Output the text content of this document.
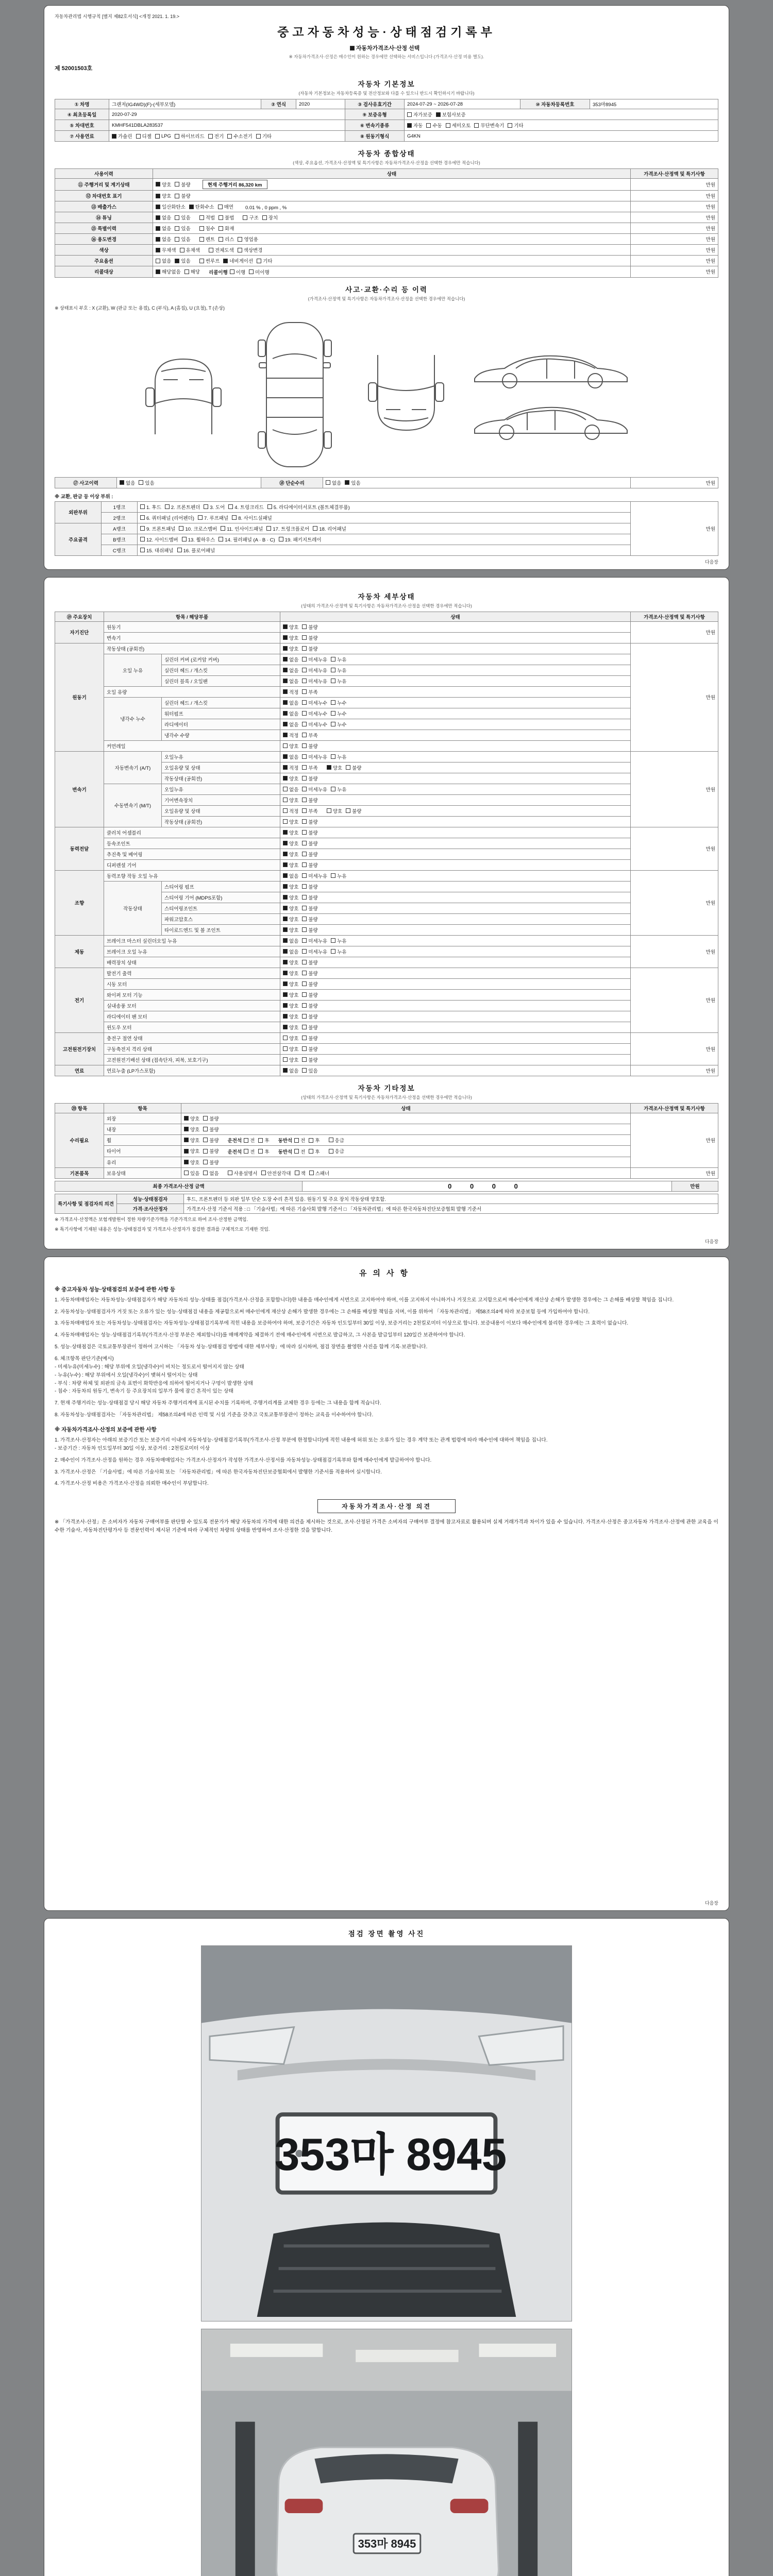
자동차관리법 시행규칙 [별지 제82호서식] <개정 2021. 1. 19.>
중고자동차성능·상태점검기록부
자동차가격조사·산정 선택
※ 자동차가격조사·산정은 매수인이 원하는 경우에만 선택하는 서비스입니다 (가격조사·산정 비용 별도).
제 52001503호
자동차 기본정보
(자동차 기본정보는 자동차등록증 및 전산정보와 다를 수 있으니 반드시 확인하시기 바랍니다)
① 차명	그랜저(IG4WD)(F)-(세부모델)	② 연식	2020	③ 검사유효기간	2024-07-29 ~ 2026-07-28	⑩ 자동차등록번호	353마8945
④ 최초등록일	2020-07-29			⑨ 보증유형	자가보증 보험사보증		

⑤ 차대번호	KMHF541DBLA283537			⑥ 변속기종류	자동 수동 세미오토 무단변속기 기타		

⑦ 사용연료	가솔린 디젤 LPG 하이브리드 전기 수소전기 기타	⑧ 원동기형식	G4KN
자동차 종합상태
(색상, 주요옵션, 가격조사·산정액 및 특기사항은 자동차가격조사·산정을 선택한 경우에만 적습니다)
사용이력	상태	가격조사·산정액 및 특기사항
⑪ 주행거리 및 계기상태	양호 불량 현재 주행거리 86,320 km	만원
⑫ 차대번호 표기	양호 불량	만원
⑬ 배출가스	일산화탄소 탄화수소 매연 0.01 % , 0 ppm , %	만원
⑭ 튜닝	없음 있음	적법 불법	구조 장치	만원
⑮ 특별이력	없음 있음 침수 화재	만원
⑯ 용도변경	없음 있음 렌트 리스 영업용	만원
색상	무채색 유채색 전체도색 색상변경	만원
주요옵션	없음 있음 썬루프 네비게이션 기타	만원
리콜대상	해당없음 해당 리콜이행 이행 미이행	만원
사고·교환·수리 등 이력
(가격조사·산정액 및 특기사항은 자동차가격조사·산정을 선택한 경우에만 적습니다)
※ 상태표시 부호 : X (교환), W (판금 또는 용접), C (부식), A (흠집), U (요철), T (손상)
⑰ 사고이력	없음 있음	⑱ 단순수리	없음 있음	만원
※ 교환, 판금 등 이상 부위 :
외판부위	1랭크	1. 후드 2. 프론트펜더 3. 도어 4. 트렁크리드 5. 라디에이터서포트 (볼트체결부품)	만원
	2랭크	6. 쿼터패널 (리어펜더) 7. 루프패널 8. 사이드실패널	

주요골격	A랭크	9. 프론트패널 10. 크로스멤버 11. 인사이드패널 17. 트렁크플로어 18. 리어패널	

	B랭크	12. 사이드멤버 13. 휠하우스 14. 필러패널 (A · B · C) 19. 패키지트레이	

	C랭크	15. 대쉬패널 16. 플로어패널	
다음장
자동차 세부상태
(상태의 가격조사·산정액 및 특기사항은 자동차가격조사·산정을 선택한 경우에만 적습니다)
⑲ 주요장치	항목 / 해당부품		상태	가격조사·산정액 및 특기사항
자기진단	원동기		양호 불량	만원
	변속기		양호 불량	

원동기	작동상태 (공회전)		양호 불량	만원
	오일 누유	실린더 커버 (로커암 커버)	없음 미세누유 누유	

		실린더 헤드 / 개스킷	없음 미세누유 누유	

		실린더 블록 / 오일팬	없음 미세누유 누유	

	오일 유량		적정 부족	

	냉각수 누수	실린더 헤드 / 개스킷	없음 미세누수 누수	

		워터펌프	없음 미세누수 누수	

		라디에이터	없음 미세누수 누수	

		냉각수 수량	적정 부족	

	커먼레일		양호 불량	

변속기	자동변속기 (A/T)	오일누유	없음 미세누유 누유	만원
		오일유량 및 상태	적정 부족 양호 불량	

		작동상태 (공회전)	양호 불량	

	수동변속기 (M/T)	오일누유	없음 미세누유 누유	

		기어변속장치	양호 불량	

		오일유량 및 상태	적정 부족 양호 불량	

		작동상태 (공회전)	양호 불량	

동력전달	클러치 어셈블리		양호 불량	만원
	등속조인트		양호 불량	

	추진축 및 베어링		양호 불량	

	디퍼렌셜 기어		양호 불량	

조향	동력조향 작동 오일 누유		없음 미세누유 누유	만원
	작동상태	스티어링 펌프	양호 불량	

		스티어링 기어 (MDPS포함)	양호 불량	

		스티어링조인트	양호 불량	

		파워고압호스	양호 불량	

		타이로드엔드 및 볼 조인트	양호 불량	

제동	브레이크 마스터 실린더오일 누유		없음 미세누유 누유	만원
	브레이크 오일 누유		없음 미세누유 누유	

	배력장치 상태		양호 불량	

전기	발전기 출력		양호 불량	만원
	시동 모터		양호 불량	

	와이퍼 모터 기능		양호 불량	

	실내송풍 모터		양호 불량	

	라디에이터 팬 모터		양호 불량	

	윈도우 모터		양호 불량	

고전원전기장치	충전구 절연 상태		양호 불량	만원
	구동축전지 격리 상태		양호 불량	

	고전원전기배선 상태 (접속단자, 피복, 보호기구)		양호 불량	

연료	연료누출 (LP가스포함)		없음 있음	만원
자동차 기타정보
(상태의 가격조사·산정액 및 특기사항은 자동차가격조사·산정을 선택한 경우에만 적습니다)
⑳ 항목	항목	상태	가격조사·산정액 및 특기사항
수리필요	외장	양호 불량	만원
	내장	양호 불량	

휠	양호 불량 운전석 전 후 동반석 전 후	응급

타이어	양호 불량 운전석 전 후 동반석 전 후	응급

	유리	양호 불량	

기본품목	보유상태	있음 없음	사용설명서 안전삼각대 잭 스패너	만원
최종 가격조사·산정 금액	0 0 0 0	만원
특기사항 및 점검자의 의견	성능·상태점검자	후드, 프론트펜더 등 외판 일부 단순 도장 수리 흔적 있음. 원동기 및 주요 장치 작동상태 양호함.
	가격·조사산정자	가격조사·산정 기준서 적용 : □ 「기술사법」에 따른 기술사회 발행 기준서 □ 「자동차관리법」에 따른 한국자동차진단보증협회 발행 기준서

※ 가격조사·산정액은 보험개발원이 정한 차량기준가액을 기준가격으로 하여 조사·산정한 금액임.

※ 특기사항에 기재된 내용은 성능·상태점검자 및 가격조사·산정자가 점검한 결과를 구체적으로 기재한 것임.

다음장
유의사항
※ 중고자동차 성능·상태점검의 보증에 관한 사항 등

1. 자동차매매업자는 자동차성능·상태점검자가 해당 자동차의 성능·상태를 점검(가격조사·산정을 포함합니다)한 내용을 매수인에게 서면으로 고지하여야 하며, 이를 고지하지 아니하거나 거짓으로 고지함으로써 매수인에게 재산상 손해가 발생한 경우에는 그 손해를 배상할 책임을 집니다.

2. 자동차성능·상태점검자가 거짓 또는 오류가 있는 성능·상태점검 내용을 제공함으로써 매수인에게 재산상 손해가 발생한 경우에는 그 손해를 배상할 책임을 지며, 이를 위하여 「자동차관리법」 제58조의4에 따라 보증보험 등에 가입하여야 합니다.

3. 자동차매매업자 또는 자동차성능·상태점검자는 자동차성능·상태점검기록부에 적힌 내용을 보증하여야 하며, 보증기간은 자동차 인도일부터 30일 이상, 보증거리는 2천킬로미터 이상으로 합니다. 보증내용이 이보다 매수인에게 불리한 경우에는 그 효력이 없습니다.

4. 자동차매매업자는 성능·상태점검기록부(가격조사·산정 부분은 제외합니다)를 매매계약을 체결하기 전에 매수인에게 서면으로 발급하고, 그 사본을 발급일부터 120일간 보관하여야 합니다.

5. 성능·상태점검은 국토교통부장관이 정하여 고시하는 「자동차 성능·상태점검 방법에 대한 세부사항」에 따라 실시하며, 점검 장면을 촬영한 사진을 함께 기록·보관합니다.

6. 체크항목 판단기준(예시)
- 미세누유(미세누수) : 해당 부위에 오일(냉각수)이 비치는 정도로서 떨어지지 않는 상태
- 누유(누수) : 해당 부위에서 오일(냉각수)이 맺혀서 떨어지는 상태
- 부식 : 차량 하체 및 외판의 금속 표면이 화학반응에 의하여 떨어지거나 구멍이 발생한 상태
- 침수 : 자동차의 원동기, 변속기 등 주요장치의 일부가 물에 잠긴 흔적이 있는 상태

7. 현재 주행거리는 성능·상태점검 당시 해당 자동차 주행거리계에 표시된 수치를 기록하며, 주행거리계를 교체한 경우 등에는 그 내용을 함께 적습니다.

8. 자동차성능·상태점검자는 「자동차관리법」 제58조의4에 따른 인력 및 시설 기준을 갖추고 국토교통부장관이 정하는 교육을 이수하여야 합니다.

※ 자동차가격조사·산정의 보증에 관한 사항

1. 가격조사·산정자는 아래의 보증기간 또는 보증거리 이내에 자동차성능·상태점검기록부(가격조사·산정 부분에 한정합니다)에 적힌 내용에 허위 또는 오류가 있는 경우 계약 또는 관계 법령에 따라 매수인에 대하여 책임을 집니다.
- 보증기간 : 자동차 인도일부터 30일 이상, 보증거리 : 2천킬로미터 이상

2. 매수인이 가격조사·산정을 원하는 경우 자동차매매업자는 가격조사·산정자가 작성한 가격조사·산정서를 자동차성능·상태점검기록부와 함께 매수인에게 발급하여야 합니다.

3. 가격조사·산정은 「기술사법」에 따른 기술사회 또는 「자동차관리법」에 따른 한국자동차진단보증협회에서 발행한 기준서를 적용하여 실시합니다.

4. 가격조사·산정 비용은 가격조사·산정을 의뢰한 매수인이 부담합니다.

자동차가격조사·산정 의견

※ 「가격조사·산정」은 소비자가 자동차 구매여부를 판단할 수 있도록 전문가가 해당 자동차의 가격에 대한 의견을 제시하는 것으로, 조사·산정된 가격은 소비자의 구매여부 결정에 참고자료로 활용되며 실제 거래가격과 차이가 있을 수 있습니다. 가격조사·산정은 중고자동차 가격조사·산정에 관한 교육을 이수한 기술사, 자동차진단평가사 등 전문인력이 제시된 기준에 따라 구체적인 차량의 상태를 반영하여 조사·산정한 것을 말합니다.

다음장
점검 장면 촬영 사진
353마 8945
353마 8945
